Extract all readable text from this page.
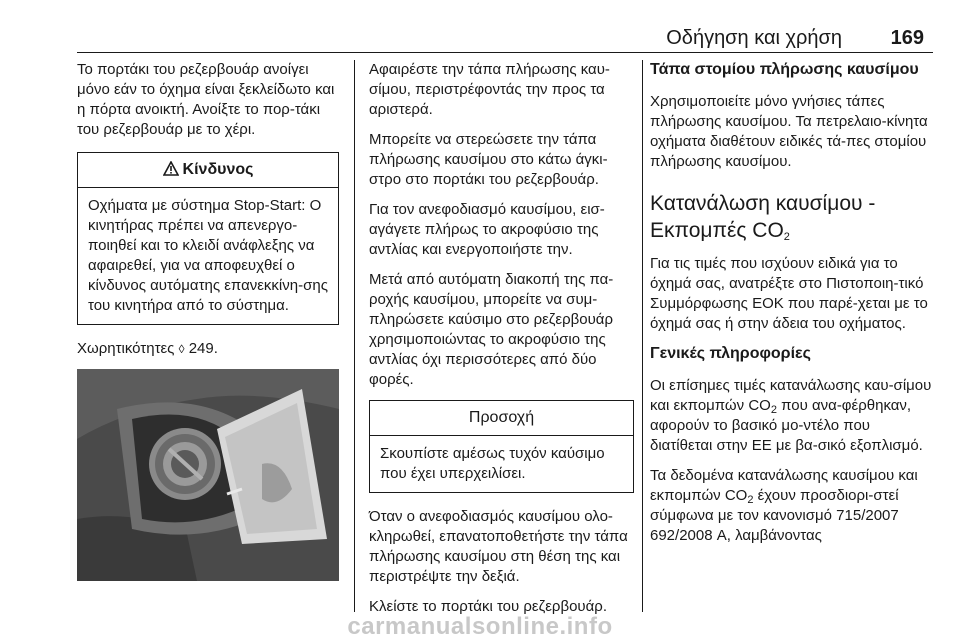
Οδήγηση και χρήση 169

Το πορτάκι του ρεζερβουάρ ανοίγει μόνο εάν το όχημα είναι ξεκλείδωτο και η πόρτα ανοικτή. Ανοίξτε το πορ-τάκι του ρεζερβουάρ με το χέρι.

Κίνδυνος
Οχήματα με σύστημα Stop-Start: Ο κινητήρας πρέπει να απενεργο-ποιηθεί και το κλειδί ανάφλεξης να αφαιρεθεί, για να αποφευχθεί ο κίνδυνος αυτόματης επανεκκίνη-σης του κινητήρα από το σύστημα.

Χωρητικότητες ◊ 249.

Αφαιρέστε την τάπα πλήρωσης καυ-σίμου, περιστρέφοντάς την προς τα αριστερά.

Μπορείτε να στερεώσετε την τάπα πλήρωσης καυσίμου στο κάτω άγκι-στρο στο πορτάκι του ρεζερβουάρ.

Για τον ανεφοδιασμό καυσίμου, εισ-αγάγετε πλήρως το ακροφύσιο της αντλίας και ενεργοποιήστε την.

Μετά από αυτόματη διακοπή της πα-ροχής καυσίμου, μπορείτε να συμ-πληρώσετε καύσιμο στο ρεζερβουάρ χρησιμοποιώντας το ακροφύσιο της αντλίας όχι περισσότερες από δύο φορές.

Προσοχή
Σκουπίστε αμέσως τυχόν καύσιμο που έχει υπερχειλίσει.

Όταν ο ανεφοδιασμός καυσίμου ολο-κληρωθεί, επανατοποθετήστε την τάπα πλήρωσης καυσίμου στη θέση της και περιστρέψτε την δεξιά.

Κλείστε το πορτάκι του ρεζερβουάρ.

Τάπα στομίου πλήρωσης καυσίμου

Χρησιμοποιείτε μόνο γνήσιες τάπες πλήρωσης καυσίμου. Τα πετρελαιο-κίνητα οχήματα διαθέτουν ειδικές τά-πες στομίου πλήρωσης καυσίμου.

Κατανάλωση καυσίμου - Εκπομπές $CO_2$

Για τις τιμές που ισχύουν ειδικά για το όχημά σας, ανατρέξτε στο Πιστοποιη-τικό Συμμόρφωσης ΕΟΚ που παρέ-χεται με το όχημά σας ή στην άδεια του οχήματος.

Γενικές πληροφορίες

Οι επίσημες τιμές κατανάλωσης καυ-σίμου και εκπομπών $CO_2$ που ανα-φέρθηκαν, αφορούν το βασικό μο-ντέλο που διατίθεται στην ΕΕ με βα-σικό εξοπλισμό.

Τα δεδομένα κατανάλωσης καυσίμου και εκπομπών $CO_2$ έχουν προσδιορι-στεί σύμφωνα με τον κανονισμό 715/2007 692/2008 A, λαμβάνοντας

carmanualsonline.info
